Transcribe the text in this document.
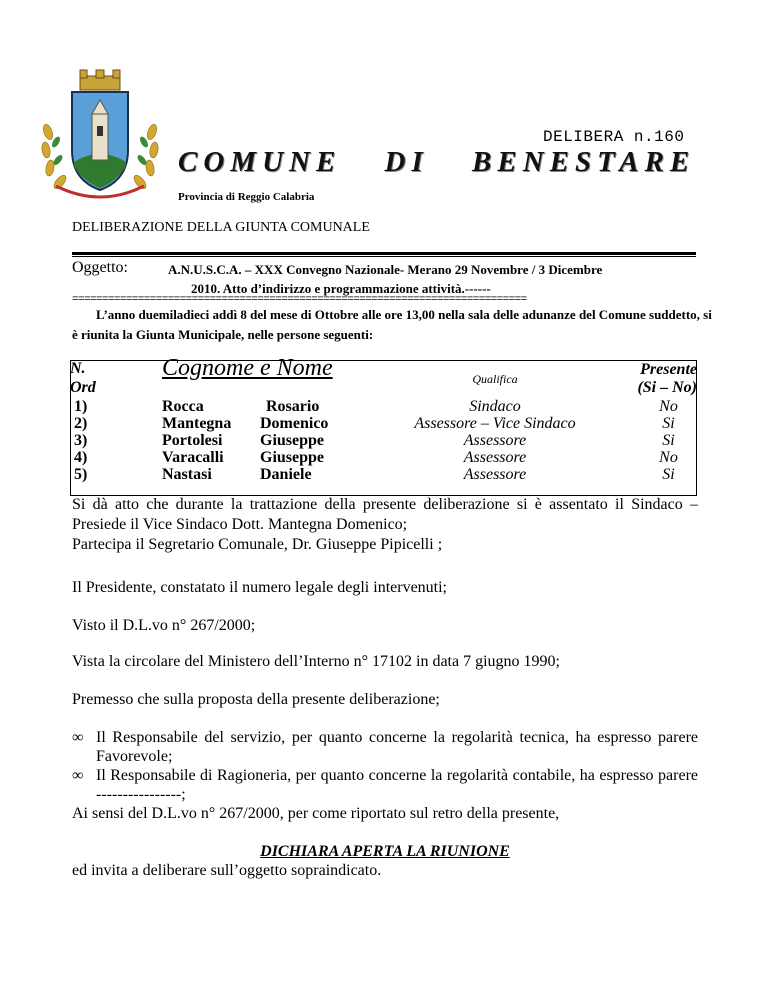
DELIBERA n.160
COMUNE DI BENESTARE
Provincia di Reggio Calabria
DELIBERAZIONE DELLA GIUNTA COMUNALE
Oggetto:	A.N.U.S.C.A. – XXX Convegno Nazionale- Merano 29 Novembre / 3 Dicembre
2010. Atto d’indirizzo e programmazione attività.------
============================================================================
L’anno duemiladieci addì 8 del mese di Ottobre alle ore 13,00 nella sala delle adunanze del Comune suddetto, si è riunita la Giunta Municipale, nelle persone seguenti:
N.	Cognome e Nome		Qualifica	Presente
Ord				(Si – No)
1)	Rocca	Rosario	Sindaco	No
2)	Mantegna	Domenico	Assessore – Vice Sindaco	Si
3)	Portolesi	Giuseppe	Assessore	Si
4)	Varacalli	Giuseppe	Assessore	No
5)	Nastasi	Daniele	Assessore	Si
Si dà atto che durante la trattazione della presente deliberazione si è assentato il Sindaco – Presiede il Vice Sindaco Dott. Mantegna Domenico;
Partecipa il Segretario Comunale, Dr. Giuseppe Pipicelli ;
Il Presidente, constatato il numero legale degli intervenuti;
Visto il D.L.vo n° 267/2000;
Vista la circolare del Ministero dell’Interno n° 17102 in data 7 giugno 1990;
Premesso che sulla proposta della presente deliberazione;
∞ Il Responsabile del servizio, per quanto concerne la regolarità tecnica, ha espresso parere Favorevole;
∞ Il Responsabile di Ragioneria, per quanto concerne la regolarità contabile, ha espresso parere ----------------;
Ai sensi del D.L.vo n° 267/2000, per come riportato sul retro della presente,
DICHIARA APERTA LA RIUNIONE
ed invita a deliberare sull’oggetto sopraindicato.
